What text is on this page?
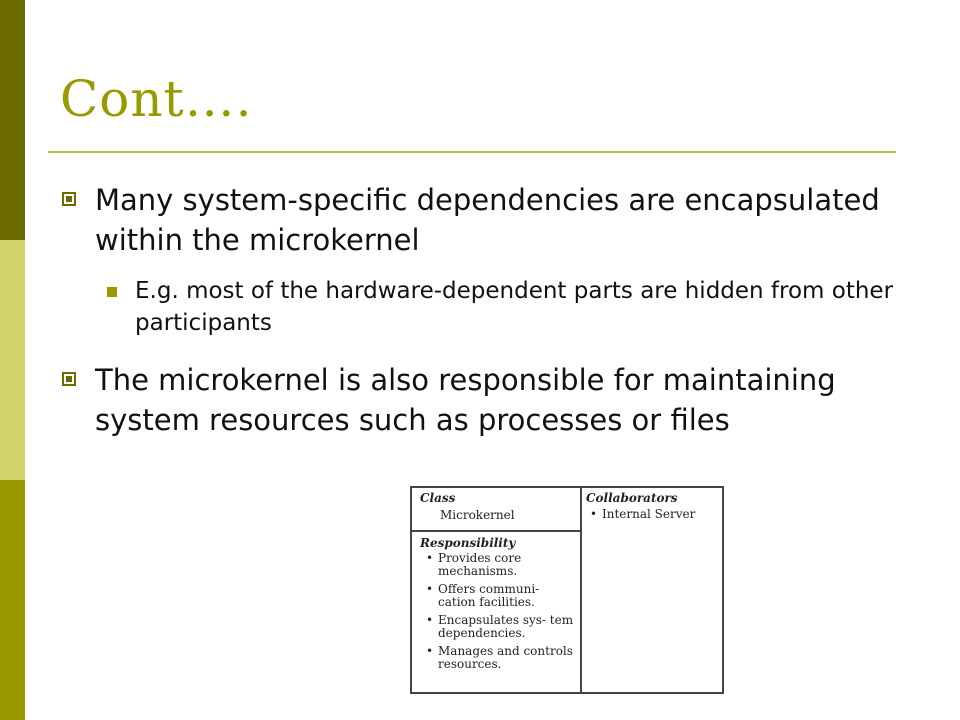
Cont….
Many system-specific dependencies are encapsulated within the microkernel
E.g. most of the hardware-dependent parts are hidden from other participants
The microkernel is also responsible for maintaining system resources such as processes or files
Class
Microkernel
Collaborators
• Internal Server
Responsibility
• Provides core mechanisms.
• Offers communi- cation facilities.
• Encapsulates sys- tem dependencies.
• Manages and controls resources.
